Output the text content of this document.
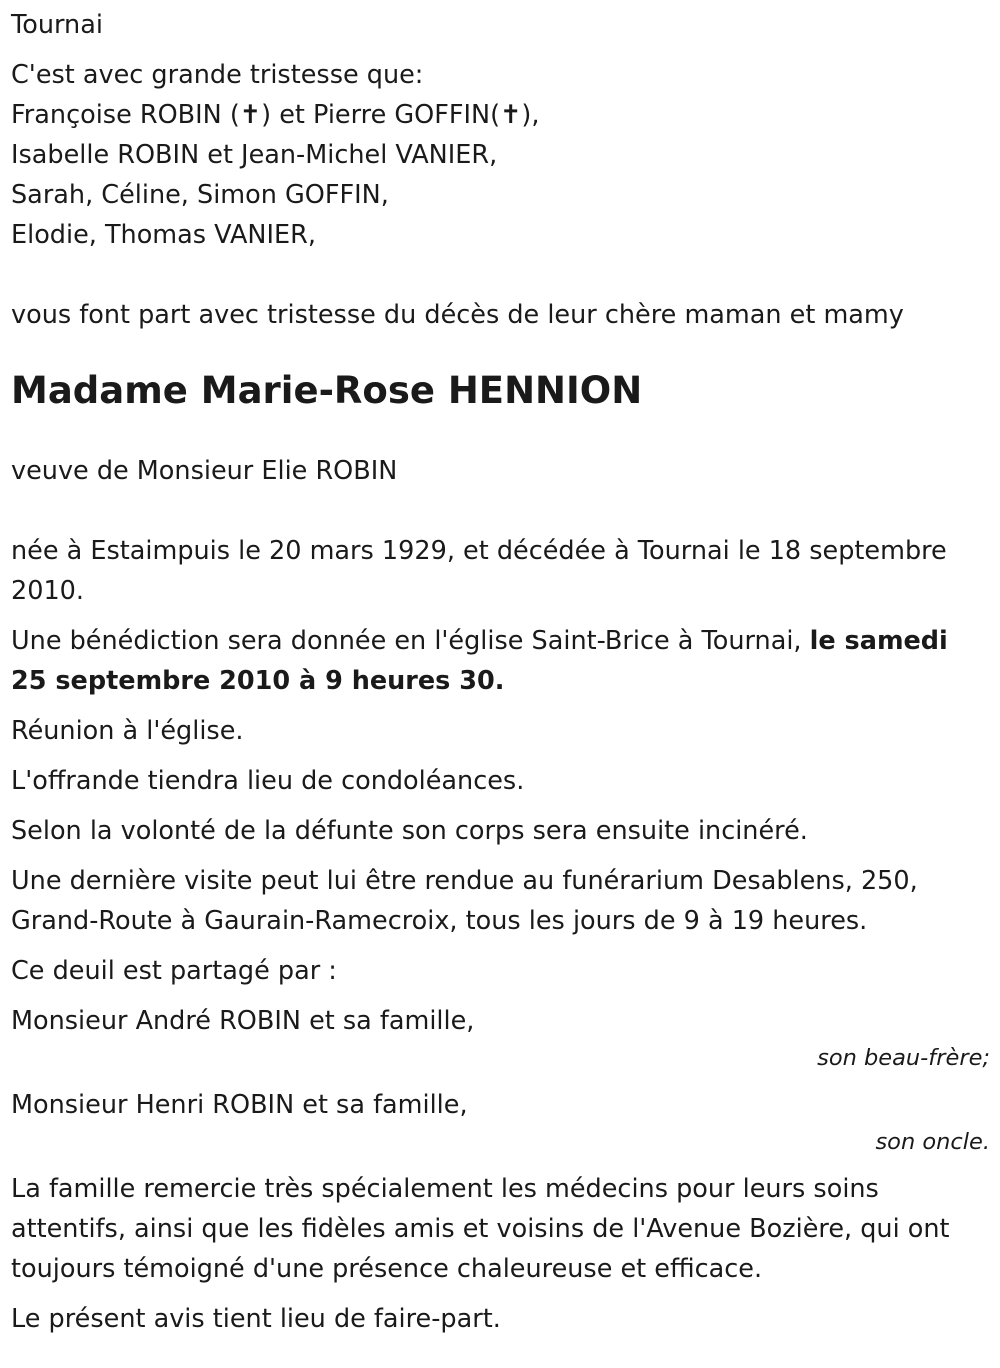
Tournai

C'est avec grande tristesse que:

Françoise ROBIN (✝) et Pierre GOFFIN(✝),
Isabelle ROBIN et Jean-Michel VANIER,
Sarah, Céline, Simon GOFFIN,
Elodie, Thomas VANIER,

vous font part avec tristesse du décès de leur chère maman et mamy

Madame Marie-Rose HENNION

veuve de Monsieur Elie ROBIN

née à Estaimpuis le 20 mars 1929, et décédée à Tournai le 18 septembre
2010.
Une bénédiction sera donnée en l'église Saint-Brice à Tournai, le samedi
25 septembre 2010 à 9 heures 30.

Réunion à l'église.

L'offrande tiendra lieu de condoléances.

Selon la volonté de la défunte son corps sera ensuite incinéré.

Une dernière visite peut lui être rendue au funérarium Desablens, 250,
Grand-Route à Gaurain-Ramecroix, tous les jours de 9 à 19 heures.

Ce deuil est partagé par :

Monsieur André ROBIN et sa famille,
son beau-frère;
Monsieur Henri ROBIN et sa famille,
son oncle.
La famille remercie très spécialement les médecins pour leurs soins
attentifs, ainsi que les fidèles amis et voisins de l'Avenue Bozière, qui ont
toujours témoigné d'une présence chaleureuse et efficace.

Le présent avis tient lieu de faire-part.
